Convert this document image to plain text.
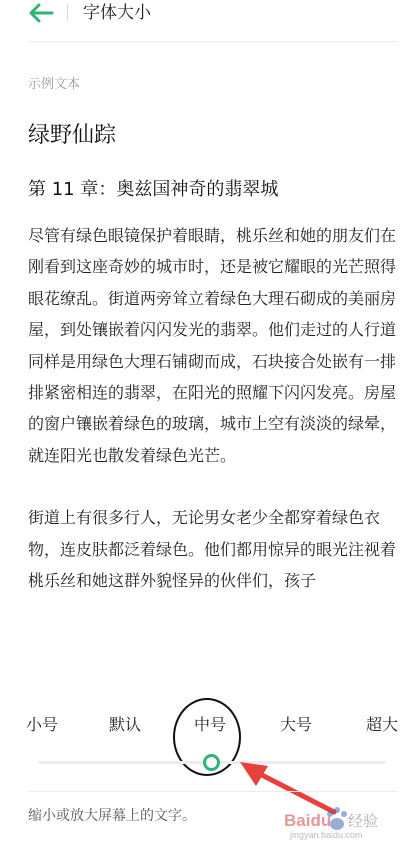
字体大小
示例文本
绿野仙踪
第 11 章：奥兹国神奇的翡翠城

尽管有绿色眼镜保护着眼睛，桃乐丝和她的朋友们在刚看到这座奇妙的城市时，还是被它耀眼的光芒照得眼花缭乱。街道两旁耸立着绿色大理石砌成的美丽房屋，到处镶嵌着闪闪发光的翡翠。他们走过的人行道同样是用绿色大理石铺砌而成，石块接合处嵌有一排排紧密相连的翡翠，在阳光的照耀下闪闪发亮。房屋的窗户镶嵌着绿色的玻璃，城市上空有淡淡的绿晕，就连阳光也散发着绿色光芒。

街道上有很多行人，无论男女老少全都穿着绿色衣物，连皮肤都泛着绿色。他们都用惊异的眼光注视着桃乐丝和她这群外貌怪异的伙伴们，孩子

小号	默认	中号	大号	超大
缩小或放大屏幕上的文字。	Baidu 经验
jingyan.baidu.com
